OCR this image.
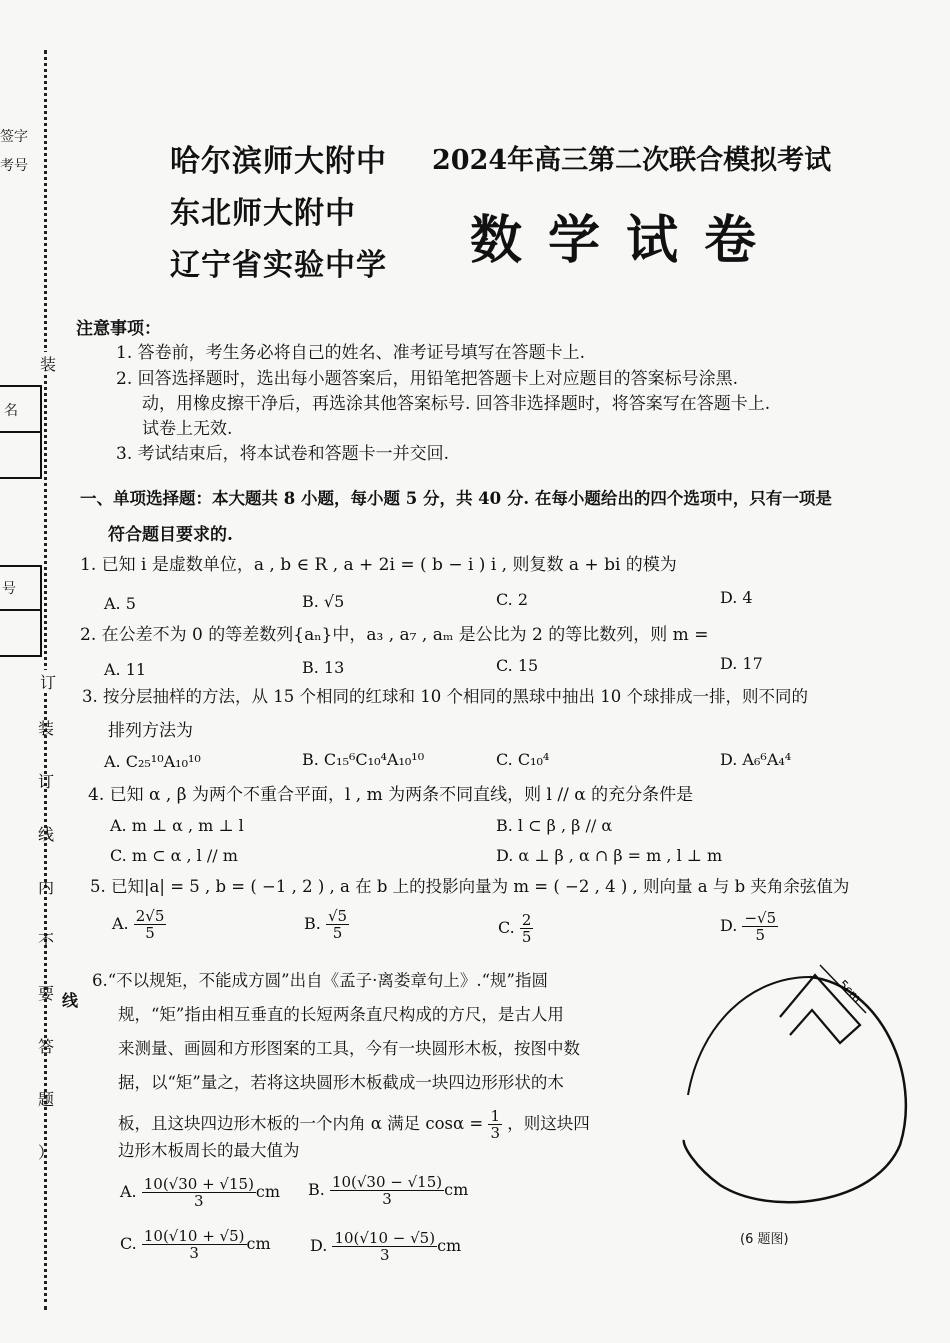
签字
考号
装
名
号
订
装
订
线
内
不
要
答
题
）
线
哈尔滨师大附中
东北师大附中
辽宁省实验中学
2024年高三第二次联合模拟考试
数学试卷
注意事项：
1. 答卷前，考生务必将自己的姓名、准考证号填写在答题卡上.
2. 回答选择题时，选出每小题答案后，用铅笔把答题卡上对应题目的答案标号涂黑.
动，用橡皮擦干净后，再选涂其他答案标号. 回答非选择题时，将答案写在答题卡上.
试卷上无效.
3. 考试结束后，将本试卷和答题卡一并交回.
一、单项选择题：本大题共 8 小题，每小题 5 分，共 40 分. 在每小题给出的四个选项中，只有一项是
符合题目要求的.
1. 已知 i 是虚数单位，a , b ∈ R , a + 2i = ( b − i ) i , 则复数 a + bi 的模为
A. 5	B. √5	C. 2	D. 4
2. 在公差不为 0 的等差数列{aₙ}中，a₃ , a₇ , aₘ 是公比为 2 的等比数列，则 m =
A. 11	B. 13	C. 15	D. 17
3. 按分层抽样的方法，从 15 个相同的红球和 10 个相同的黑球中抽出 10 个球排成一排，则不同的
排列方法为
A. C₂₅¹⁰A₁₀¹⁰	B. C₁₅⁶C₁₀⁴A₁₀¹⁰	C. C₁₀⁴	D. A₆⁶A₄⁴
4. 已知 α , β 为两个不重合平面，l , m 为两条不同直线，则 l // α 的充分条件是
A. m ⊥ α , m ⊥ l	B. l ⊂ β , β // α
C. m ⊂ α , l // m	D. α ⊥ β , α ∩ β = m , l ⊥ m
5. 已知|a| = 5 , b = ( −1 , 2 ) , a 在 b 上的投影向量为 m = ( −2 , 4 ) , 则向量 a 与 b 夹角余弦值为
A. $\frac{2√5}{5}$	B. $\frac{√5}{5}$	C. $\frac{2}{5}$	D. $\frac{-√5}{5}$
6.“不以规矩，不能成方圆”出自《孟子·离娄章句上》.“规”指圆
规，“矩”指由相互垂直的长短两条直尺构成的方尺，是古人用
来测量、画圆和方形图案的工具，今有一块圆形木板，按图中数
据，以“矩”量之，若将这块圆形木板截成一块四边形形状的木
板，且这块四边形木板的一个内角 α 满足 $\cos\alpha = \frac{1}{3}$ ，则这块四
边形木板周长的最大值为
A. $\frac{10(√30 + √15)}{3}$ cm B. $\frac{10(√30 - √15)}{3}$ cm
C. $\frac{10(√10 + √5)}{3}$ cm D. $\frac{10(√10 - √5)}{3}$ cm
5cm
(6 题图)
